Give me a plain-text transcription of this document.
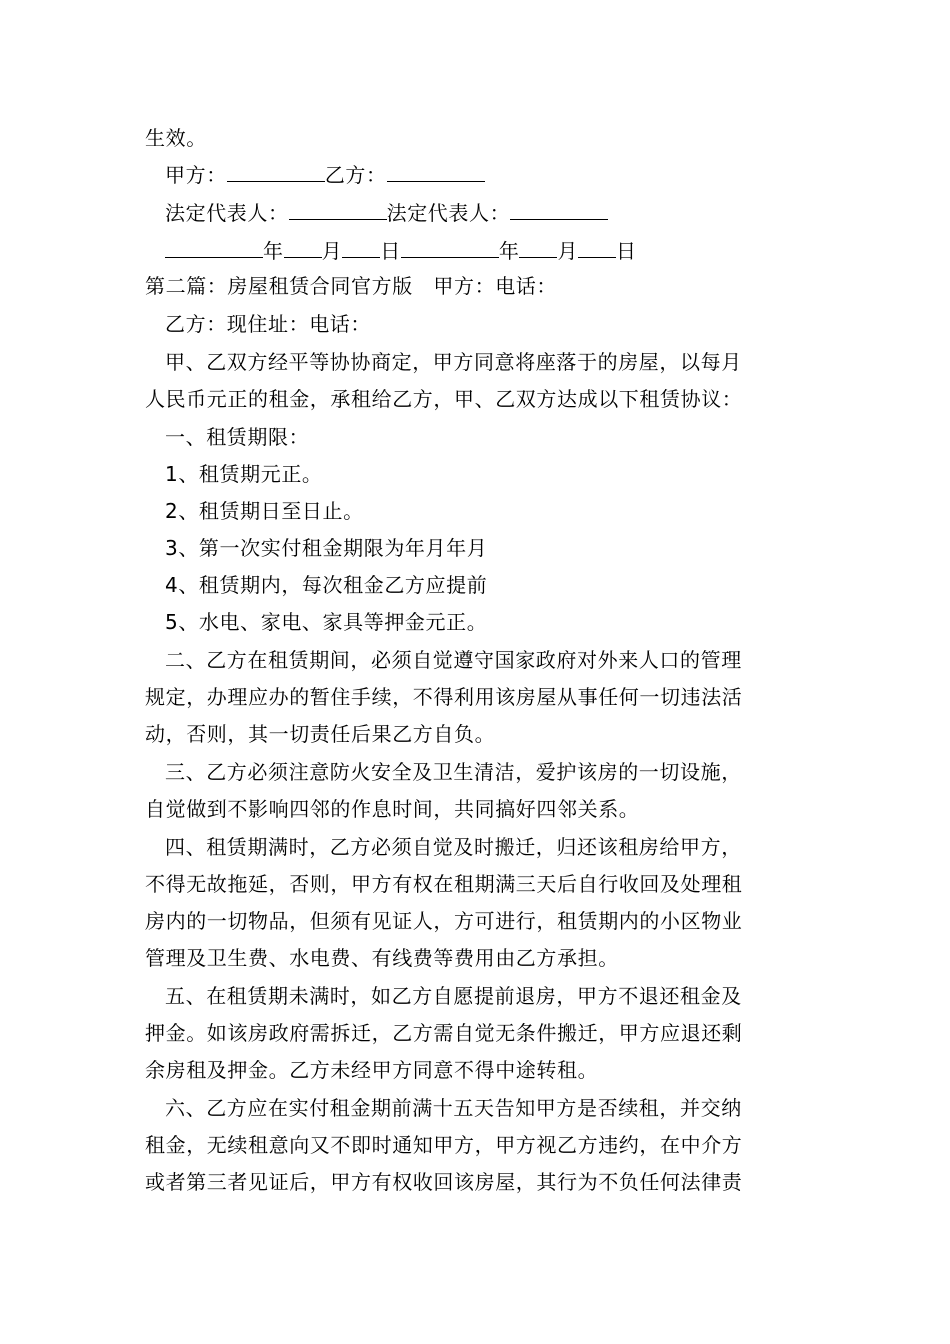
生效。
甲方：	乙方：
法定代表人：	法定代表人：
年 月 日	年 月 日
第二篇：房屋租赁合同官方版　甲方：电话：
乙方：现住址：电话：
甲、乙双方经平等协协商定，甲方同意将座落于的房屋，以每月
人民币元正的租金，承租给乙方，甲、乙双方达成以下租赁协议：
一、租赁期限：
1、租赁期元正。
2、租赁期日至日止。
3、第一次实付租金期限为年月年月
4、租赁期内，每次租金乙方应提前
5、水电、家电、家具等押金元正。
二、乙方在租赁期间，必须自觉遵守国家政府对外来人口的管理
规定，办理应办的暂住手续，不得利用该房屋从事任何一切违法活
动，否则，其一切责任后果乙方自负。
三、乙方必须注意防火安全及卫生清洁，爱护该房的一切设施，
自觉做到不影响四邻的作息时间，共同搞好四邻关系。
四、租赁期满时，乙方必须自觉及时搬迁，归还该租房给甲方，
不得无故拖延，否则，甲方有权在租期满三天后自行收回及处理租
房内的一切物品，但须有见证人，方可进行，租赁期内的小区物业
管理及卫生费、水电费、有线费等费用由乙方承担。
五、在租赁期未满时，如乙方自愿提前退房，甲方不退还租金及
押金。如该房政府需拆迁，乙方需自觉无条件搬迁，甲方应退还剩
余房租及押金。乙方未经甲方同意不得中途转租。
六、乙方应在实付租金期前满十五天告知甲方是否续租，并交纳
租金，无续租意向又不即时通知甲方，甲方视乙方违约，在中介方
或者第三者见证后，甲方有权收回该房屋，其行为不负任何法律责
